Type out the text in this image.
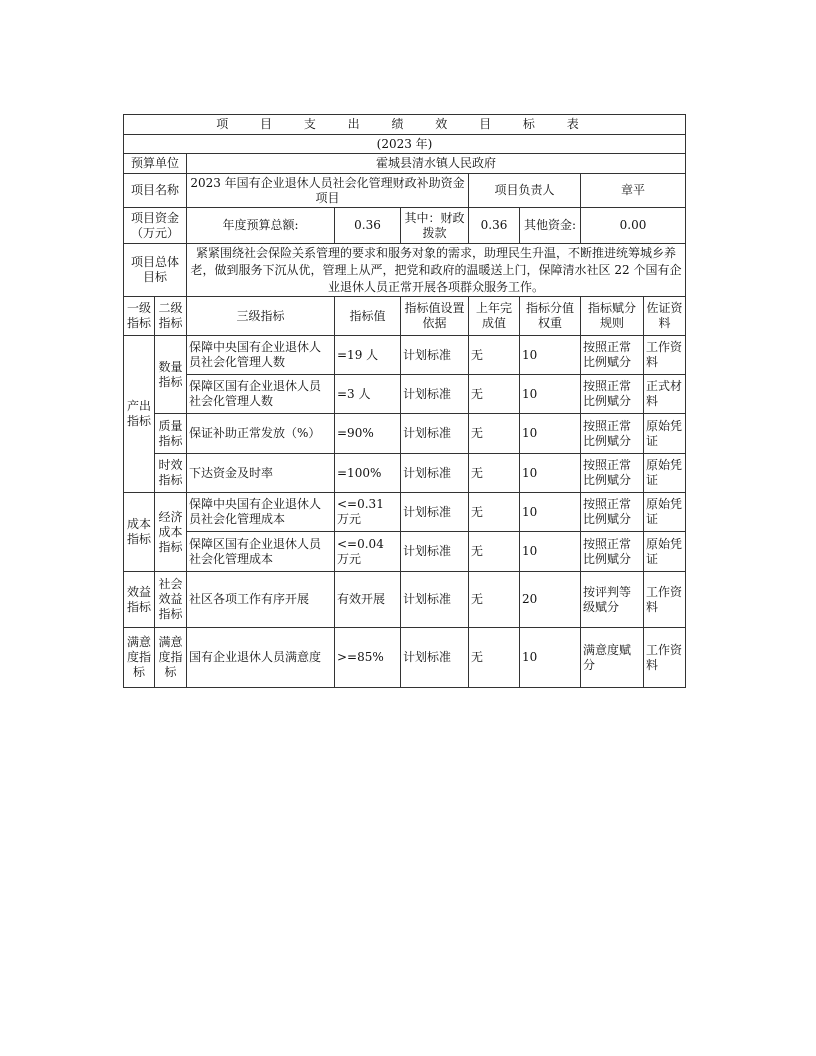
项 目 支 出 绩 效 目 标 表								
(2023 年)								
预算单位		霍城县清水镇人民政府						
项目名称		2023 年国有企业退休人员社会化管理财政补助资金项目			项目负责人		章平	
项目资金（万元）		年度预算总额:	0.36	其中：财政拨款	0.36	其他资金:	0.00	
项目总体目标		紧紧围绕社会保险关系管理的要求和服务对象的需求，助理民生升温，不断推进统筹城乡养老，做到服务下沉从优，管理上从严，把党和政府的温暖送上门，保障清水社区 22 个国有企业退休人员正常开展各项群众服务工作。						
一级指标	二级指标	三级指标	指标值	指标值设置依据	上年完成值	指标分值权重	指标赋分规则	佐证资料
产出指标	数量指标	保障中央国有企业退休人员社会化管理人数	=19 人	计划标准	无	10	按照正常比例赋分	工作资料
		保障区国有企业退休人员社会化管理人数	=3 人	计划标准	无	10	按照正常比例赋分	正式材料
	质量指标	保证补助正常发放（%）	=90%	计划标准	无	10	按照正常比例赋分	原始凭证
	时效指标	下达资金及时率	=100%	计划标准	无	10	按照正常比例赋分	原始凭证
成本指标	经济成本指标	保障中央国有企业退休人员社会化管理成本	<=0.31 万元	计划标准	无	10	按照正常比例赋分	原始凭证
		保障区国有企业退休人员社会化管理成本	<=0.04 万元	计划标准	无	10	按照正常比例赋分	原始凭证
效益指标	社会效益指标	社区各项工作有序开展	有效开展	计划标准	无	20	按评判等级赋分	工作资料
满意度指标	满意度指标	国有企业退休人员满意度	>=85%	计划标准	无	10	满意度赋分	工作资料
